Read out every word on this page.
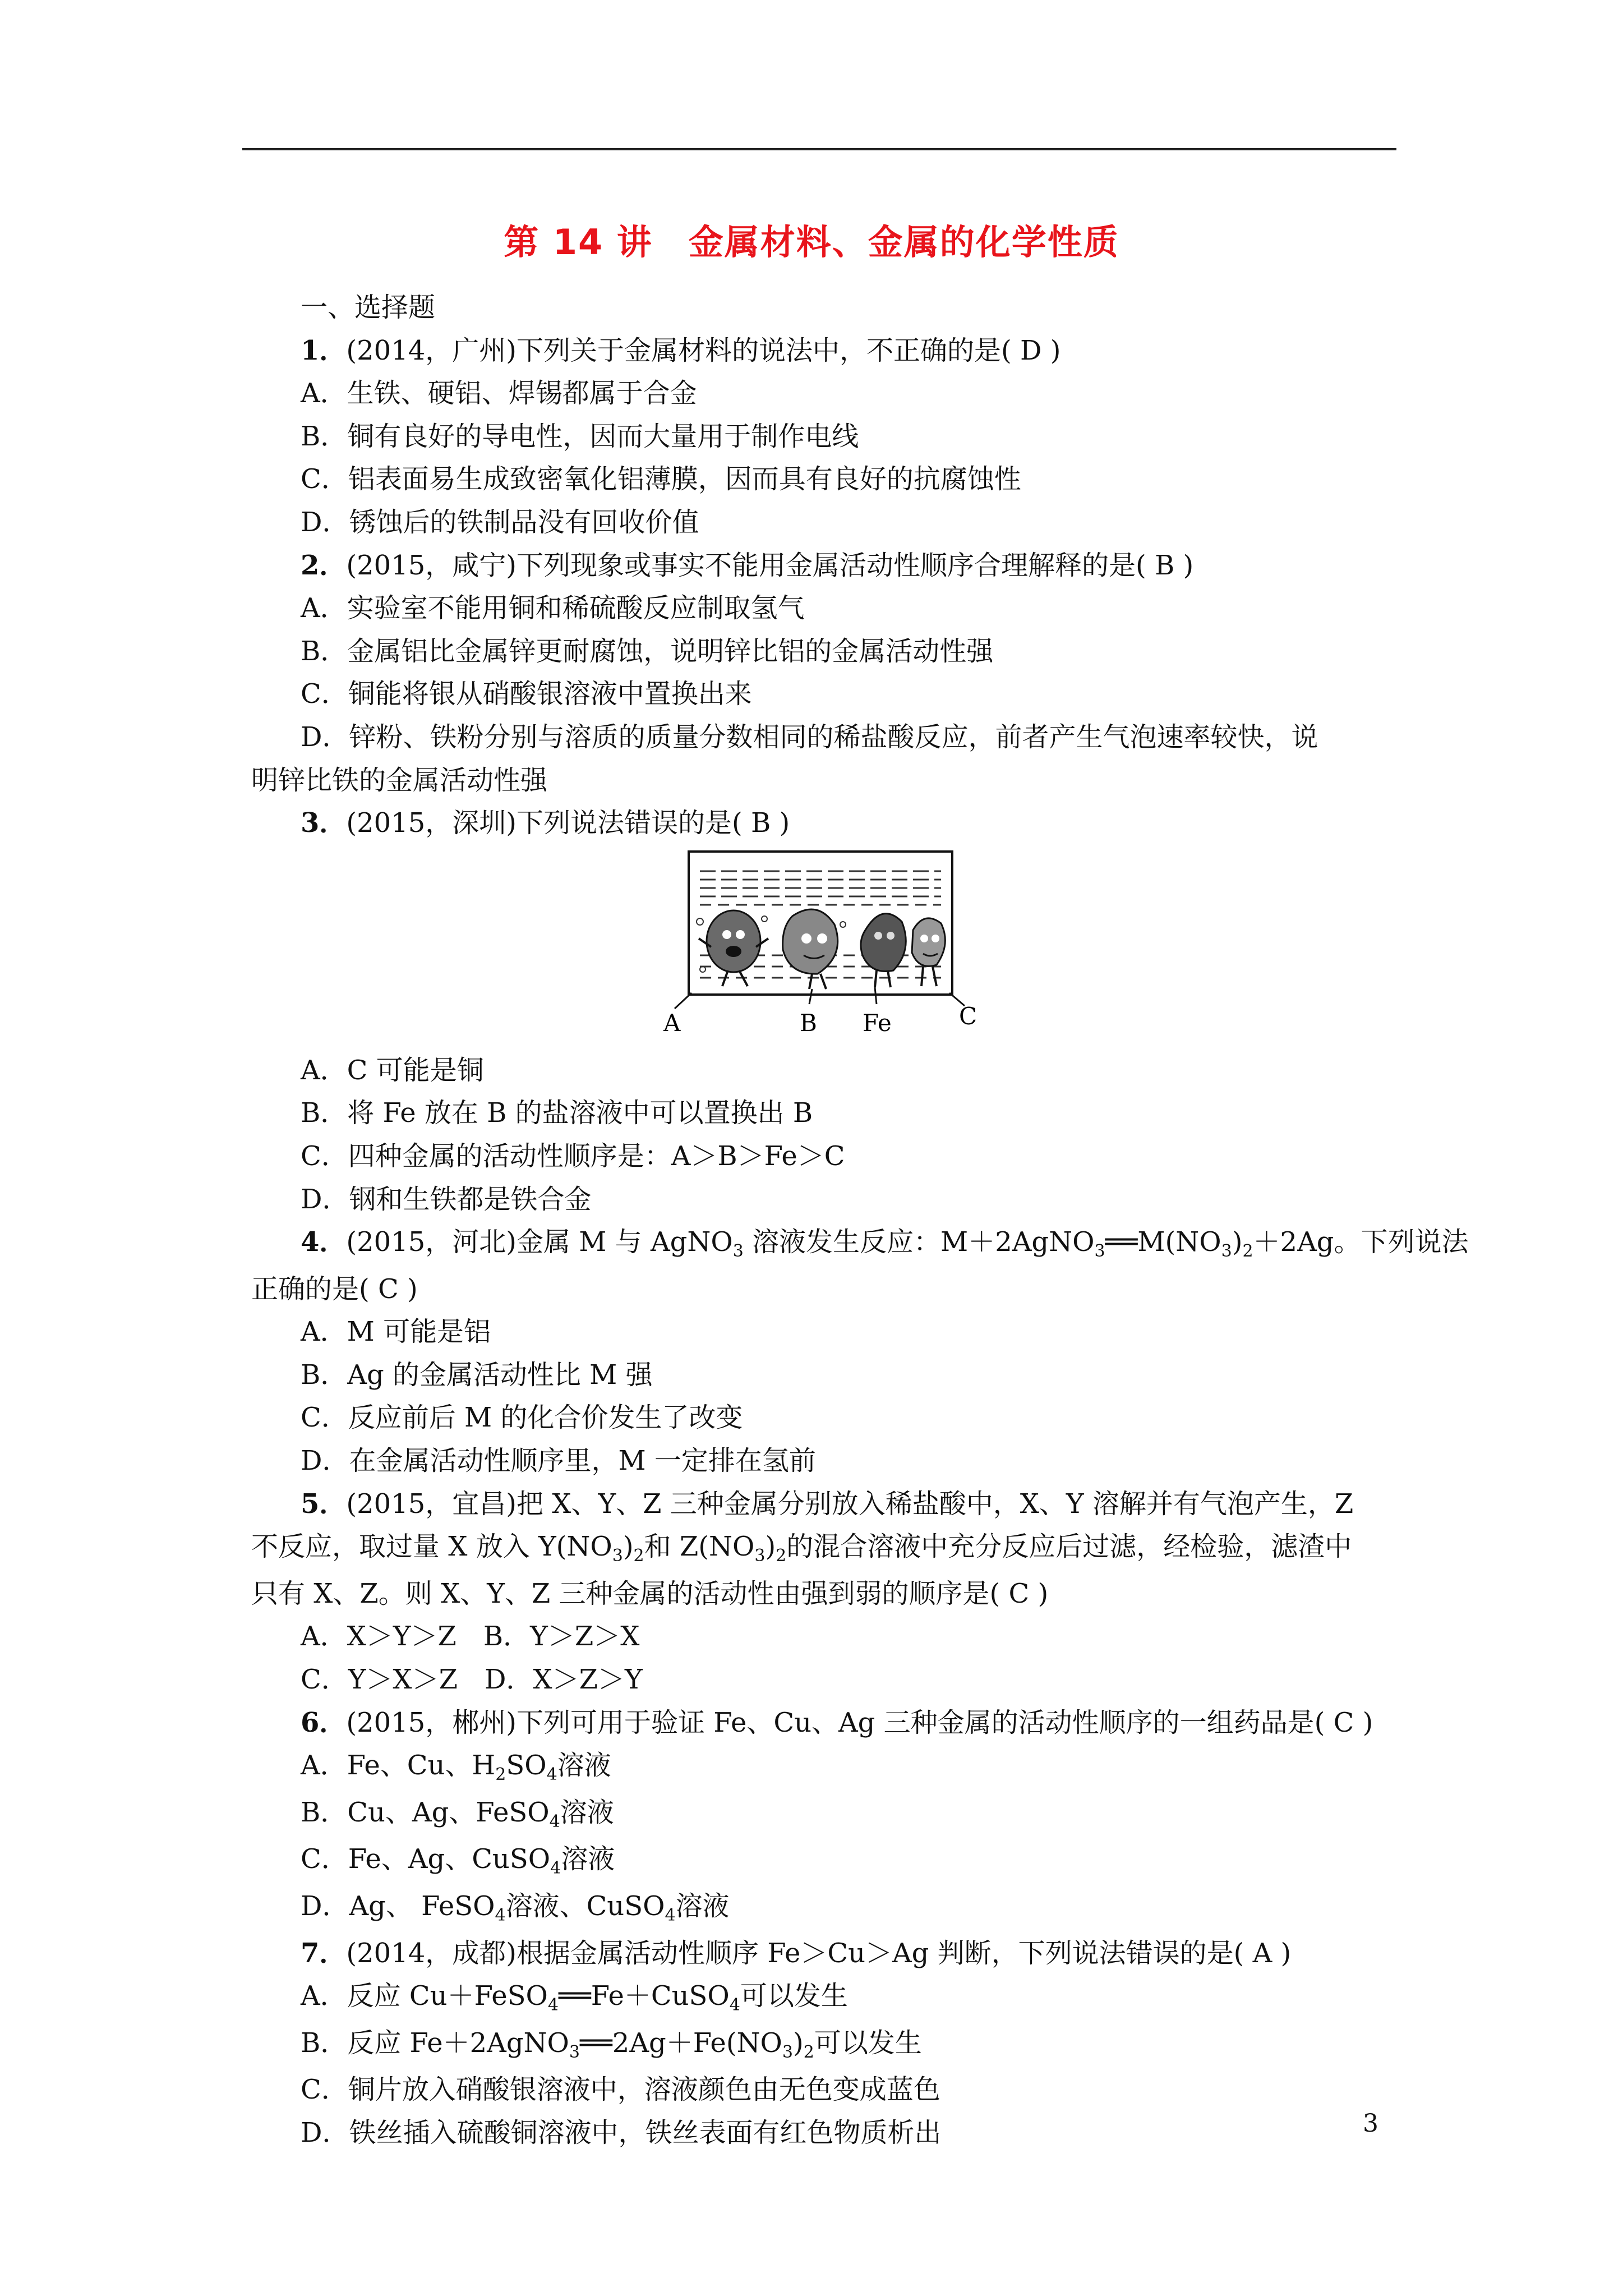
第 14 讲　金属材料、金属的化学性质
一、选择题
1．(2014，广州)下列关于金属材料的说法中，不正确的是( D )
A．生铁、硬铝、焊锡都属于合金
B．铜有良好的导电性，因而大量用于制作电线
C．铝表面易生成致密氧化铝薄膜，因而具有良好的抗腐蚀性
D．锈蚀后的铁制品没有回收价值
2．(2015，咸宁)下列现象或事实不能用金属活动性顺序合理解释的是( B )
A．实验室不能用铜和稀硫酸反应制取氢气
B．金属铝比金属锌更耐腐蚀，说明锌比铝的金属活动性强
C．铜能将银从硝酸银溶液中置换出来
D．锌粉、铁粉分别与溶质的质量分数相同的稀盐酸反应，前者产生气泡速率较快，说
明锌比铁的金属活动性强
3．(2015，深圳)下列说法错误的是( B )
A	B Fe	C
A．C 可能是铜
B．将 Fe 放在 B 的盐溶液中可以置换出 B
C．四种金属的活动性顺序是：A＞B＞Fe＞C
D．钢和生铁都是铁合金
4．(2015，河北)金属 M 与 AgNO$_3$ 溶液发生反应：$M+2AgNO_3══M(NO_3)_2+2Ag$。下列说法
正确的是( C )
A．M 可能是铝
B．Ag 的金属活动性比 M 强
C．反应前后 M 的化合价发生了改变
D．在金属活动性顺序里，M 一定排在氢前
5．(2015，宜昌)把 X、Y、Z 三种金属分别放入稀盐酸中，X、Y 溶解并有气泡产生，Z
不反应，取过量 X 放入 $Y(NO_3)_2$和 $Z(NO_3)_2$的混合溶液中充分反应后过滤，经检验，滤渣中
只有 X、Z。则 X、Y、Z 三种金属的活动性由强到弱的顺序是( C )
A．X＞Y＞Z　B．Y＞Z＞X
C．Y＞X＞Z　D．X＞Z＞Y
6．(2015，郴州)下列可用于验证 Fe、Cu、Ag 三种金属的活动性顺序的一组药品是( C )
A．Fe、Cu、$H_2SO_4$溶液
B．Cu、Ag、FeSO$_4$溶液
C．Fe、Ag、CuSO$_4$溶液
D．Ag、 FeSO$_4$溶液、CuSO$_4$溶液
7．(2014，成都)根据金属活动性顺序 Fe＞Cu＞Ag 判断，下列说法错误的是( A )
A．反应 Cu＋FeSO$_4$══Fe＋CuSO$_4$可以发生
B．反应 $Fe+2AgNO_3══2Ag+Fe(NO_3)_2$可以发生
C．铜片放入硝酸银溶液中，溶液颜色由无色变成蓝色
D．铁丝插入硫酸铜溶液中，铁丝表面有红色物质析出	3
